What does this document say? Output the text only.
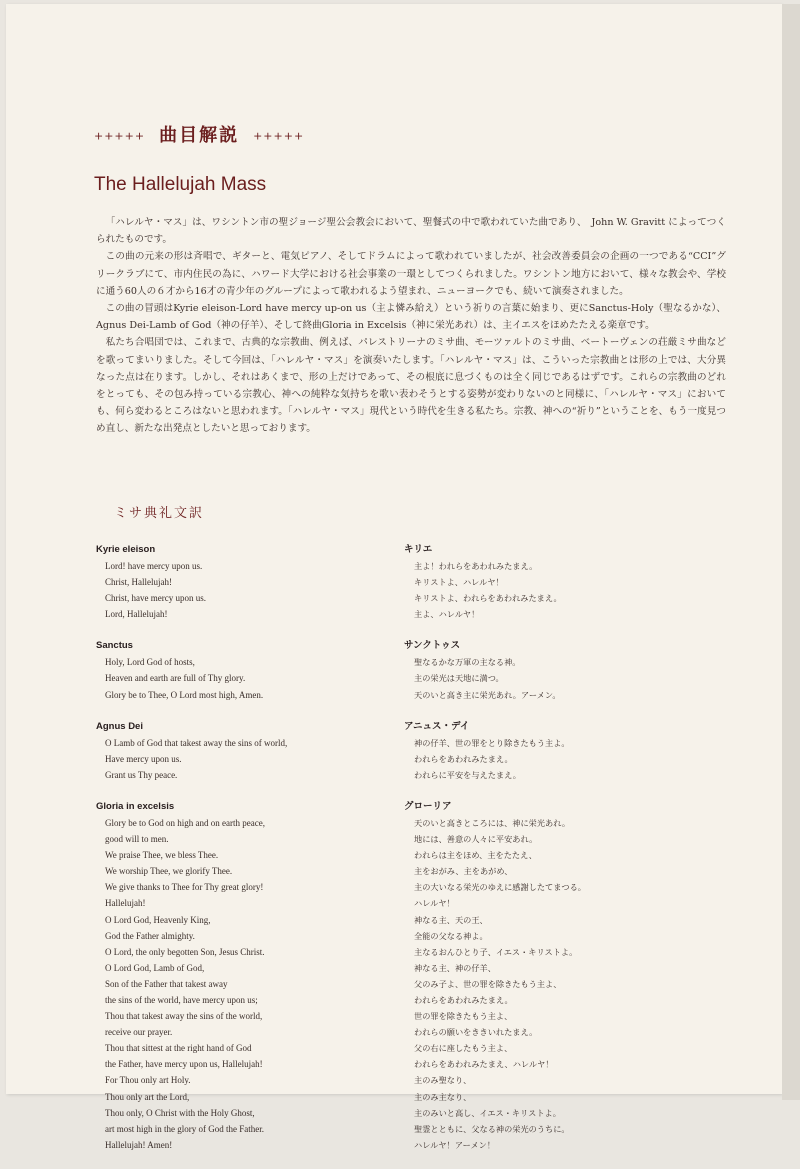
+++++ 曲目解説 +++++
The Hallelujah Mass

「ハレルヤ・マス」は、ワシントン市の聖ジョージ聖公会教会において、聖餐式の中で歌われていた曲であり、　John W. Gravitt によってつくられたものです。

この曲の元来の形は斉唱で、ギターと、電気ピアノ、そしてドラムによって歌われていましたが、社会改善委員会の企画の一つである“CCI”グリークラブにて、市内住民の為に、ハワード大学における社会事業の一環としてつくられました。ワシントン地方において、様々な教会や、学校に通う60人の６才から16才の青少年のグループによって歌われるよう望まれ、ニューヨークでも、続いて演奏されました。

この曲の冒頭はKyrie eleison-Lord have mercy up-on us（主よ憐み給え）という祈りの言葉に始まり、更にSanctus-Holy（聖なるかな）、Agnus Dei-Lamb of God（神の仔羊）、そして終曲Gloria in Excelsis（神に栄光あれ）は、主イエスをほめたたえる楽章です。

私たち合唱団では、これまで、古典的な宗教曲、例えば、パレストリーナのミサ曲、モーツァルトのミサ曲、ベートーヴェンの荘厳ミサ曲などを歌ってまいりました。そして今回は、「ハレルヤ・マス」を演奏いたします。「ハレルヤ・マス」は、こういった宗教曲とは形の上では、大分異なった点は在ります。しかし、それはあくまで、形の上だけであって、その根底に息づくものは全く同じであるはずです。これらの宗教曲のどれをとっても、その包み持っている宗教心、神への純粋な気持ちを歌い表わそうとする姿勢が変わりないのと同様に、「ハレルヤ・マス」においても、何ら変わるところはないと思われます。「ハレルヤ・マス」現代という時代を生きる私たち。宗教、神への“祈り”ということを、もう一度見つめ直し、新たな出発点としたいと思っております。

ミサ典礼文訳
Kyrie eleison
Lord! have mercy upon us.
Christ, Hallelujah!
Christ, have mercy upon us.
Lord, Hallelujah!
Sanctus
Holy, Lord God of hosts,
Heaven and earth are full of Thy glory.
Glory be to Thee, O Lord most high, Amen.
Agnus Dei
O Lamb of God that takest away the sins of world,
Have mercy upon us.
Grant us Thy peace.
Gloria in excelsis
Glory be to God on high and on earth peace,
good will to men.
We praise Thee, we bless Thee.
We worship Thee, we glorify Thee.
We give thanks to Thee for Thy great glory!
Hallelujah!
O Lord God, Heavenly King,
God the Father almighty.
O Lord, the only begotten Son, Jesus Christ.
O Lord God, Lamb of God,
Son of the Father that takest away
the sins of the world, have mercy upon us;
Thou that takest away the sins of the world,
receive our prayer.
Thou that sittest at the right hand of God
the Father, have mercy upon us, Hallelujah!
For Thou only art Holy.
Thou only art the Lord,
Thou only, O Christ with the Holy Ghost,
art most high in the glory of God the Father.
Hallelujah! Amen!
キリエ
主よ！われらをあわれみたまえ。
キリストよ、ハレルヤ！
キリストよ、われらをあわれみたまえ。
主よ、ハレルヤ！
サンクトゥス
聖なるかな万軍の主なる神。
主の栄光は天地に満つ。
天のいと高き主に栄光あれ。アーメン。
アニュス・デイ
神の仔羊、世の罪をとり除きたもう主よ。
われらをあわれみたまえ。
われらに平安を与えたまえ。
グローリア
天のいと高きところには、神に栄光あれ。
地には、善意の人々に平安あれ。
われらは主をほめ、主をたたえ、
主をおがみ、主をあがめ、
主の大いなる栄光のゆえに感謝したてまつる。
ハレルヤ！
神なる主、天の王、
全能の父なる神よ。
主なるおんひとり子、イエス・キリストよ。
神なる主、神の仔羊、
父のみ子よ、世の罪を除きたもう主よ、
われらをあわれみたまえ。
世の罪を除きたもう主よ、
われらの願いをききいれたまえ。
父の右に座したもう主よ、
われらをあわれみたまえ、ハレルヤ！
主のみ聖なり、
主のみ主なり、
主のみいと高し、イエス・キリストよ。
聖霊とともに、父なる神の栄光のうちに。
ハレルヤ！アーメン！
